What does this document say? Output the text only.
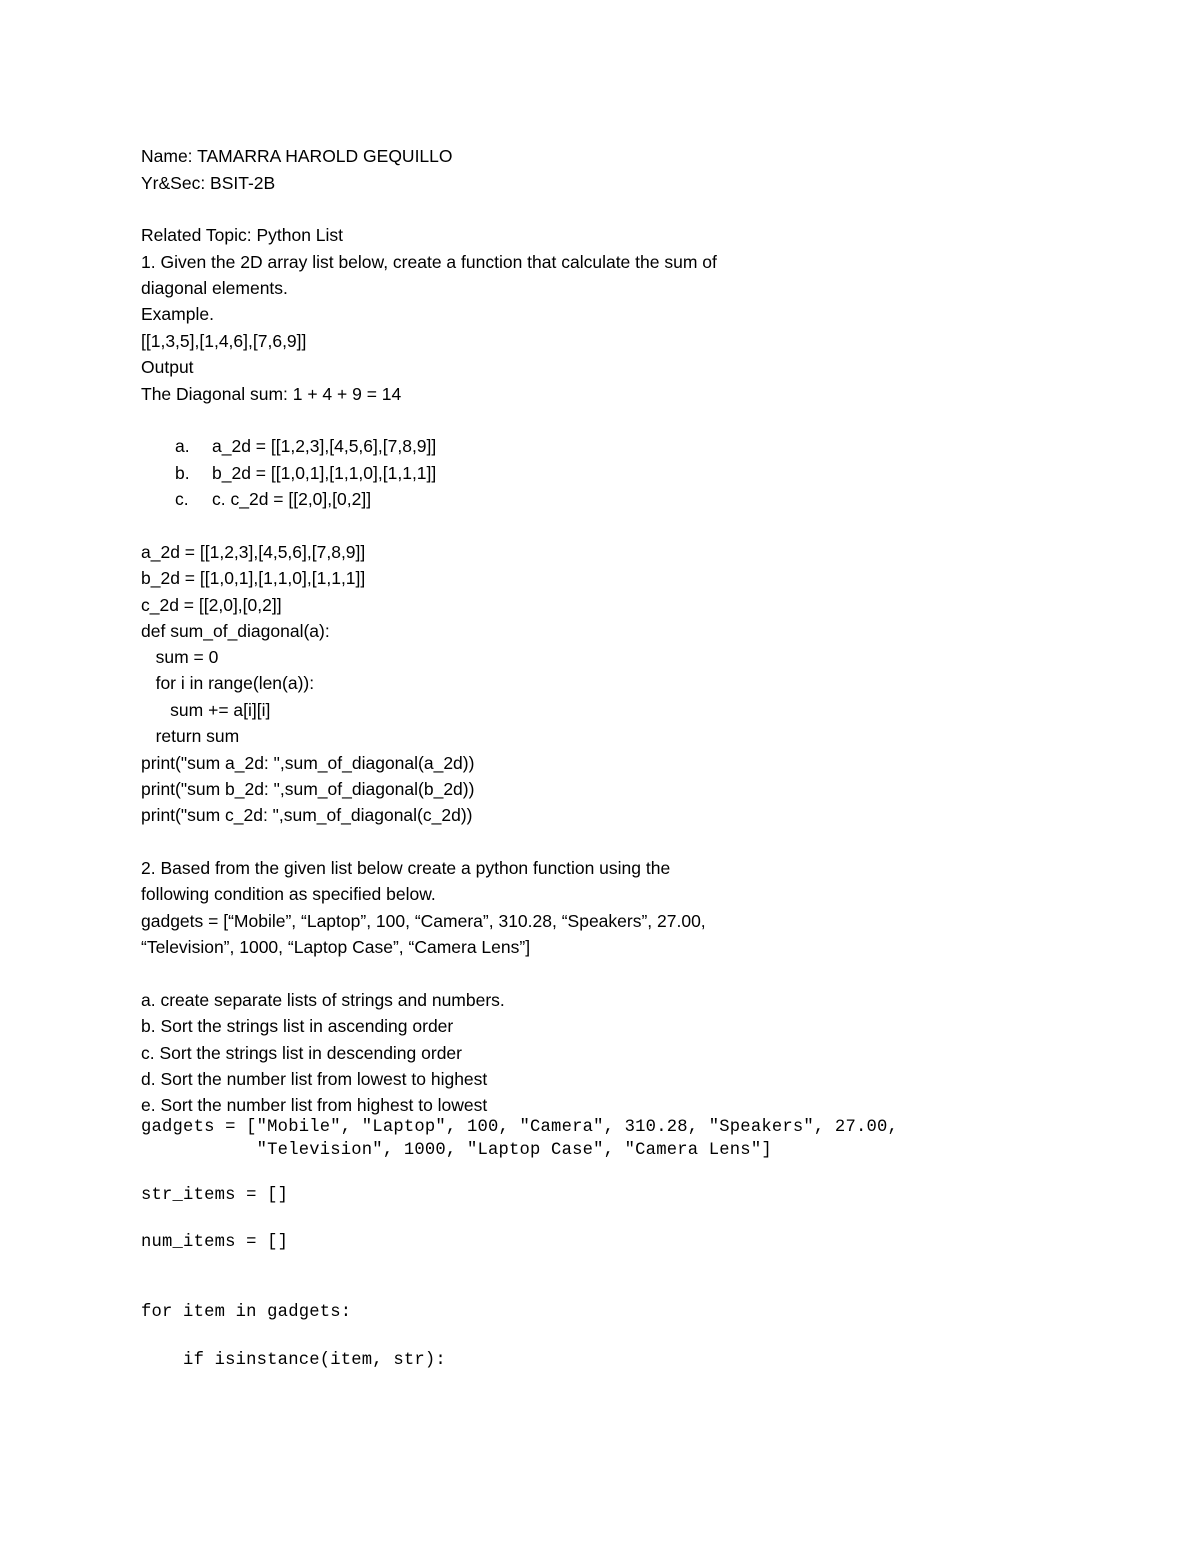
Name: TAMARRA HAROLD GEQUILLO
Yr&Sec: BSIT-2B
Related Topic: Python List
1. Given the 2D array list below, create a function that calculate the sum of
diagonal elements.
Example.
[[1,3,5],[1,4,6],[7,6,9]]
Output
The Diagonal sum: 1 + 4 + 9 = 14
a. a_2d = [[1,2,3],[4,5,6],[7,8,9]]
b. b_2d = [[1,0,1],[1,1,0],[1,1,1]]
c. c. c_2d = [[2,0],[0,2]]
a_2d = [[1,2,3],[4,5,6],[7,8,9]]
b_2d = [[1,0,1],[1,1,0],[1,1,1]]
c_2d = [[2,0],[0,2]]
def sum_of_diagonal(a):
sum = 0
for i in range(len(a)):
sum += a[i][i]
return sum
print("sum a_2d: ",sum_of_diagonal(a_2d))
print("sum b_2d: ",sum_of_diagonal(b_2d))
print("sum c_2d: ",sum_of_diagonal(c_2d))
2. Based from the given list below create a python function using the
following condition as specified below.
gadgets = [“Mobile”, “Laptop”, 100, “Camera”, 310.28, “Speakers”, 27.00,
“Television”, 1000, “Laptop Case”, “Camera Lens”]
a. create separate lists of strings and numbers.
b. Sort the strings list in ascending order
c. Sort the strings list in descending order
d. Sort the number list from lowest to highest
e. Sort the number list from highest to lowest
gadgets = ["Mobile", "Laptop", 100, "Camera", 310.28, "Speakers", 27.00,
"Television", 1000, "Laptop Case", "Camera Lens"]
str_items = []
num_items = []
for item in gadgets:
if isinstance(item, str):
